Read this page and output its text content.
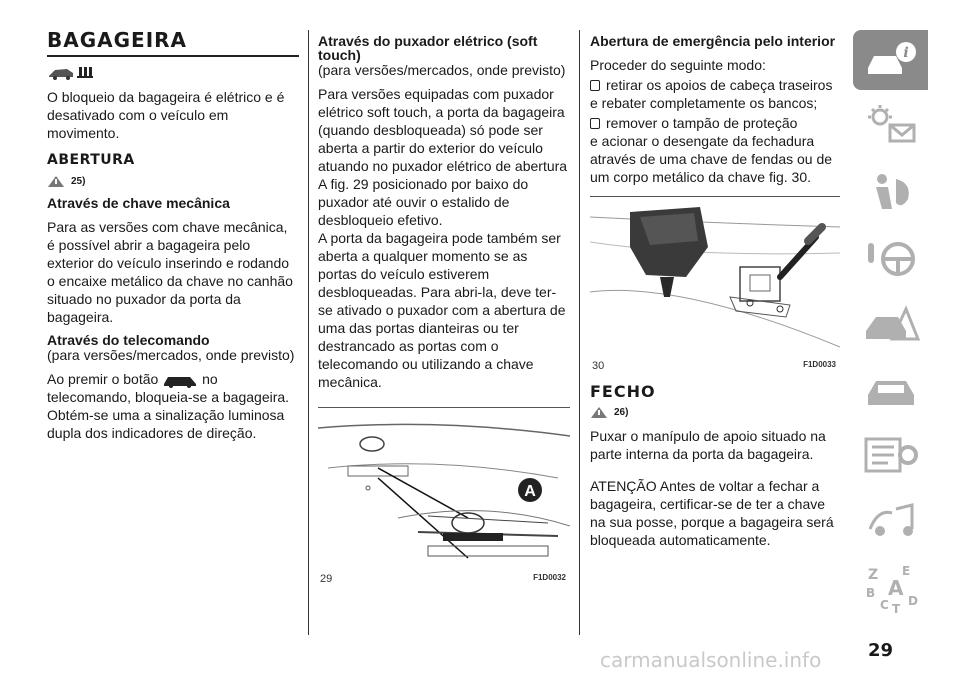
BAGAGEIRA

O bloqueio da bagageira é elétrico e é desativado com o veículo em movimento.

ABERTURA
25)
Através de chave mecânica

Para as versões com chave mecânica, é possível abrir a bagageira pelo exterior do veículo inserindo e rodando o encaixe metálico da chave no canhão situado no puxador da porta da bagageira.

Através do telecomando
(para versões/mercados, onde previsto)

Ao premir o botão	no

telecomando, bloqueia-se a bagageira. Obtém-se uma a sinalização luminosa dupla dos indicadores de direção.

Através do puxador elétrico (soft touch)
(para versões/mercados, onde previsto)

Para versões equipadas com puxador elétrico soft touch, a porta da bagageira (quando desbloqueada) só pode ser aberta a partir do exterior do veículo atuando no puxador elétrico de abertura A fig. 29 posicionado por baixo do puxador até ouvir o estalido de desbloqueio efetivo.

A porta da bagageira pode também ser aberta a qualquer momento se as portas do veículo estiverem desbloqueadas. Para abri-la, deve ter-se ativado o puxador com a abertura de uma das portas dianteiras ou ter destrancado as portas com o telecomando ou utilizando a chave mecânica.

A
29	F1D0032
Abertura de emergência pelo interior

Proceder do seguinte modo:

retirar os apoios de cabeça traseiros e rebater completamente os bancos;

remover o tampão de proteção
e acionar o desengate da fechadura através de uma chave de fendas ou de um corpo metálico da chave fig. 30.

30	F1D0033
FECHO
26)

Puxar o manípulo de apoio situado na parte interna da porta da bagageira.

ATENÇÃO Antes de voltar a fechar a bagageira, certificar-se de ter a chave na sua posse, porque a bagageira será bloqueada automaticamente.

i
Z E
B A
C T
D
29
carmanualsonline.info
